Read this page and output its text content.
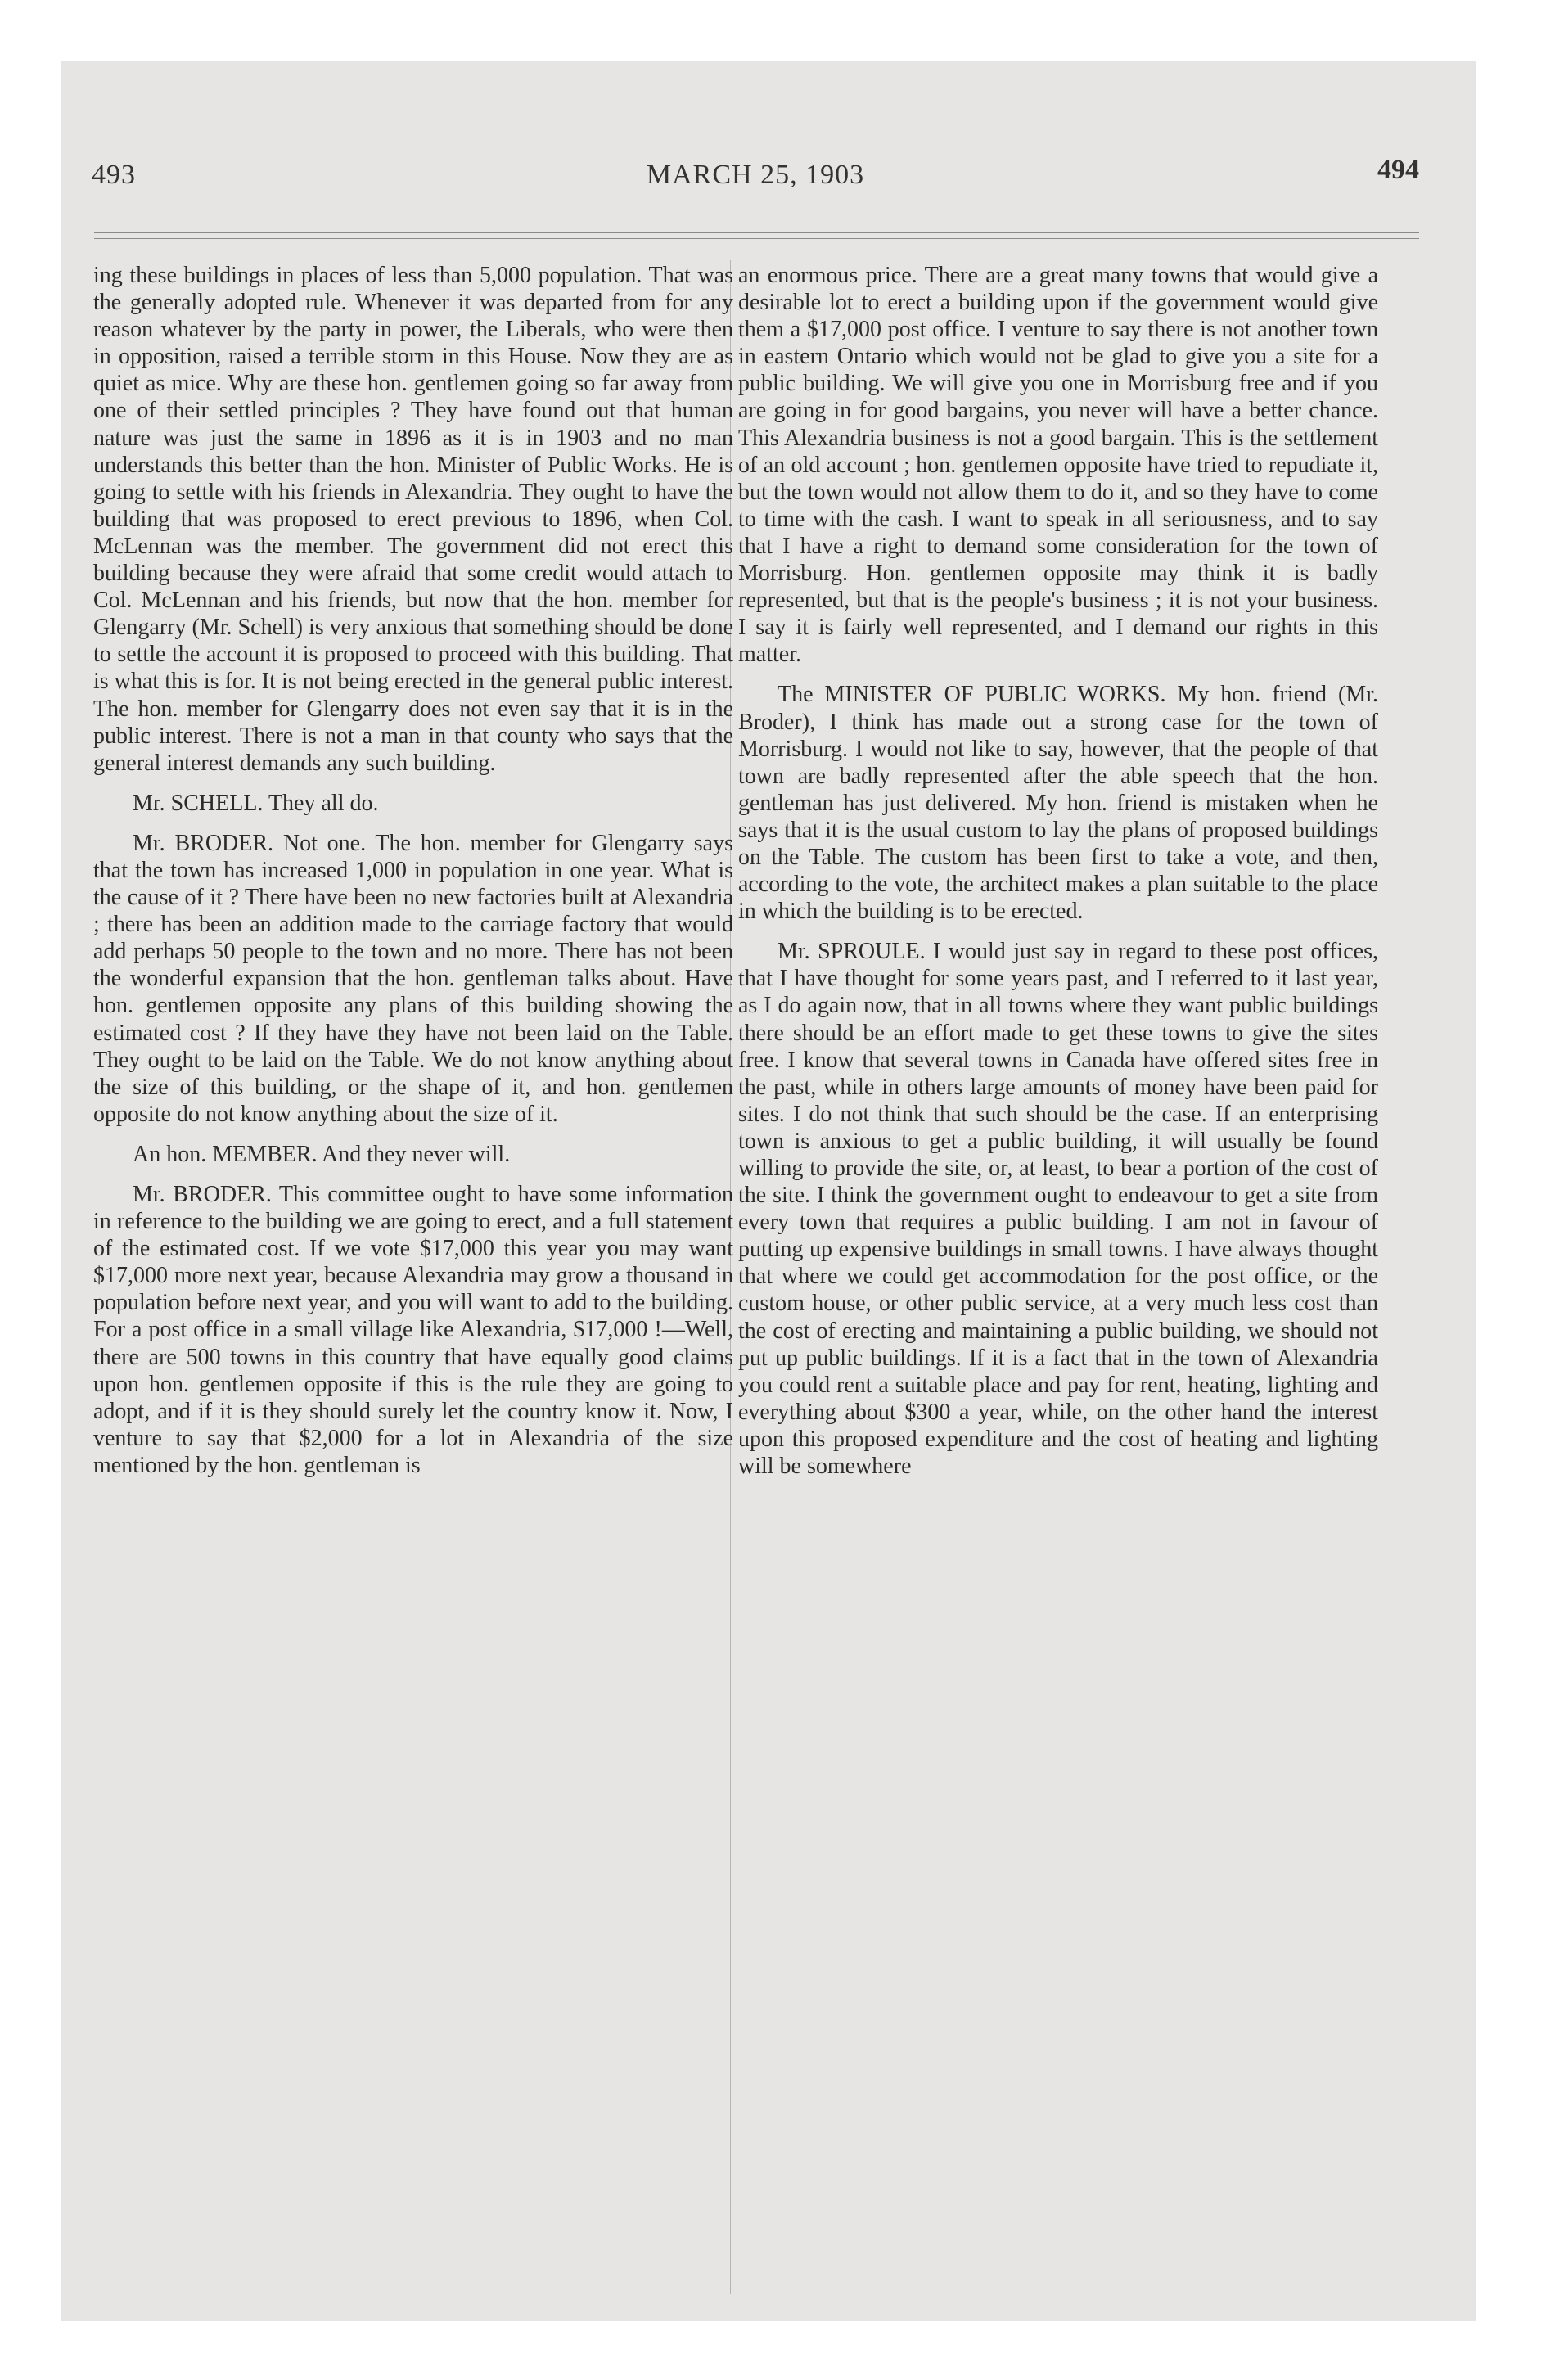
493	MARCH 25, 1903	494

ing these buildings in places of less than 5,000 population. That was the generally adopted rule. Whenever it was departed from for any reason whatever by the party in power, the Liberals, who were then in opposition, raised a terrible storm in this House. Now they are as quiet as mice. Why are these hon. gentlemen going so far away from one of their settled principles ? They have found out that human nature was just the same in 1896 as it is in 1903 and no man understands this better than the hon. Minister of Public Works. He is going to settle with his friends in Alexandria. They ought to have the building that was proposed to erect previous to 1896, when Col. McLennan was the member. The government did not erect this building because they were afraid that some credit would attach to Col. McLennan and his friends, but now that the hon. member for Glengarry (Mr. Schell) is very anxious that something should be done to settle the account it is proposed to proceed with this building. That is what this is for. It is not being erected in the general public interest. The hon. member for Glengarry does not even say that it is in the public interest. There is not a man in that county who says that the general interest demands any such building.

Mr. SCHELL. They all do.

Mr. BRODER. Not one. The hon. member for Glengarry says that the town has increased 1,000 in population in one year. What is the cause of it ? There have been no new factories built at Alexandria ; there has been an addition made to the carriage factory that would add perhaps 50 people to the town and no more. There has not been the wonderful expansion that the hon. gentleman talks about. Have hon. gentlemen opposite any plans of this building showing the estimated cost ? If they have they have not been laid on the Table. They ought to be laid on the Table. We do not know anything about the size of this building, or the shape of it, and hon. gentlemen opposite do not know anything about the size of it.

An hon. MEMBER. And they never will.

Mr. BRODER. This committee ought to have some information in reference to the building we are going to erect, and a full statement of the estimated cost. If we vote $17,000 this year you may want $17,000 more next year, because Alexandria may grow a thousand in population before next year, and you will want to add to the building. For a post office in a small village like Alexandria, $17,000 !—Well, there are 500 towns in this country that have equally good claims upon hon. gentlemen opposite if this is the rule they are going to adopt, and if it is they should surely let the country know it. Now, I venture to say that $2,000 for a lot in Alexandria of the size mentioned by the hon. gentleman is

an enormous price. There are a great many towns that would give a desirable lot to erect a building upon if the government would give them a $17,000 post office. I venture to say there is not another town in eastern Ontario which would not be glad to give you a site for a public building. We will give you one in Morrisburg free and if you are going in for good bargains, you never will have a better chance. This Alexandria business is not a good bargain. This is the settlement of an old account ; hon. gentlemen opposite have tried to repudiate it, but the town would not allow them to do it, and so they have to come to time with the cash. I want to speak in all seriousness, and to say that I have a right to demand some consideration for the town of Morrisburg. Hon. gentlemen opposite may think it is badly represented, but that is the people's business ; it is not your business. I say it is fairly well represented, and I demand our rights in this matter.

The MINISTER OF PUBLIC WORKS. My hon. friend (Mr. Broder), I think has made out a strong case for the town of Morrisburg. I would not like to say, however, that the people of that town are badly represented after the able speech that the hon. gentleman has just delivered. My hon. friend is mistaken when he says that it is the usual custom to lay the plans of proposed buildings on the Table. The custom has been first to take a vote, and then, according to the vote, the architect makes a plan suitable to the place in which the building is to be erected.

Mr. SPROULE. I would just say in regard to these post offices, that I have thought for some years past, and I referred to it last year, as I do again now, that in all towns where they want public buildings there should be an effort made to get these towns to give the sites free. I know that several towns in Canada have offered sites free in the past, while in others large amounts of money have been paid for sites. I do not think that such should be the case. If an enterprising town is anxious to get a public building, it will usually be found willing to provide the site, or, at least, to bear a portion of the cost of the site. I think the government ought to endeavour to get a site from every town that requires a public building. I am not in favour of putting up expensive buildings in small towns. I have always thought that where we could get accommodation for the post office, or the custom house, or other public service, at a very much less cost than the cost of erecting and maintaining a public building, we should not put up public buildings. If it is a fact that in the town of Alexandria you could rent a suitable place and pay for rent, heating, lighting and everything about $300 a year, while, on the other hand the interest upon this proposed expenditure and the cost of heating and lighting will be somewhere
